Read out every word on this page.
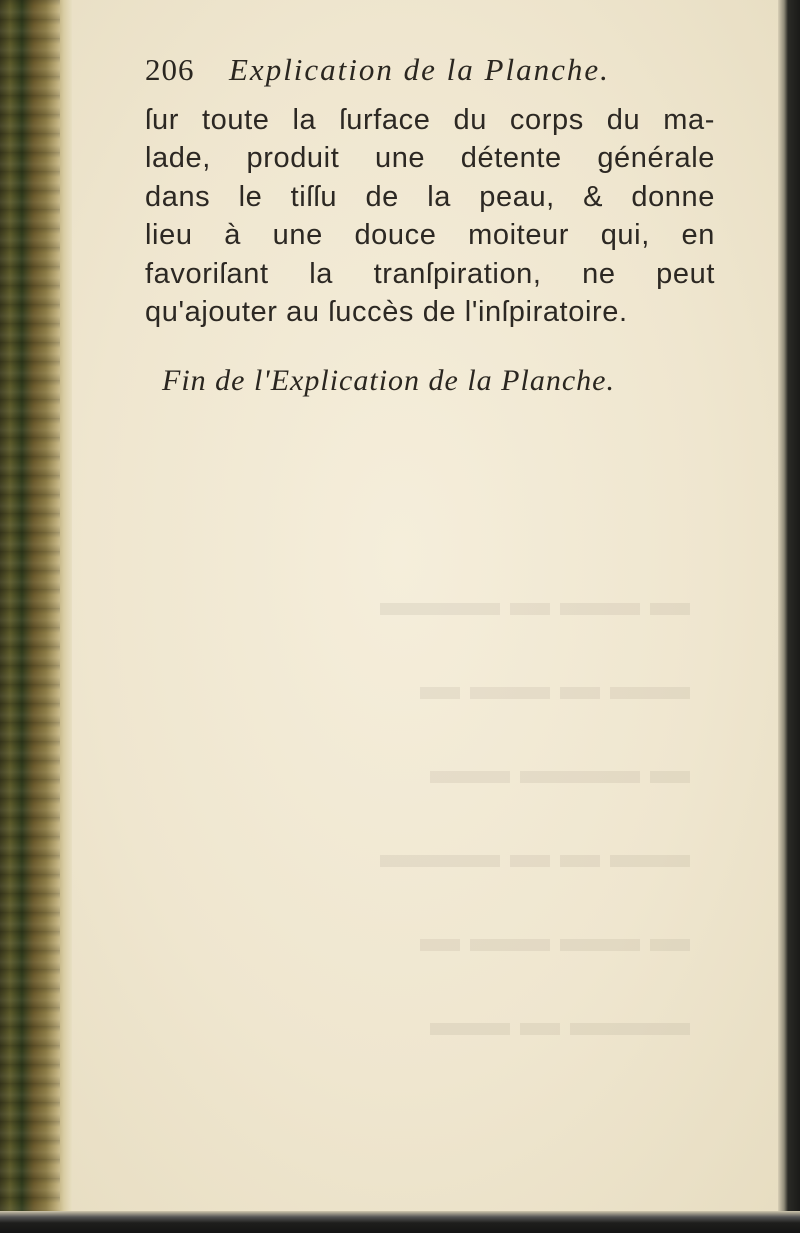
▬ ▬▬ ▬ ▬▬▬
▬▬ ▬ ▬▬ ▬
▬ ▬▬▬ ▬▬
▬▬ ▬ ▬ ▬▬▬
▬ ▬▬ ▬▬ ▬
▬▬▬ ▬ ▬▬
206 Explication de la Planche.
ſur toute la ſurface du corps du ma-
lade, produit une détente générale
dans le tiſſu de la peau, & donne
lieu à une douce moiteur qui, en
favoriſant la tranſpiration, ne peut
qu'ajouter au ſuccès de l'inſpiratoire.
Fin de l'Explication de la Planche.
